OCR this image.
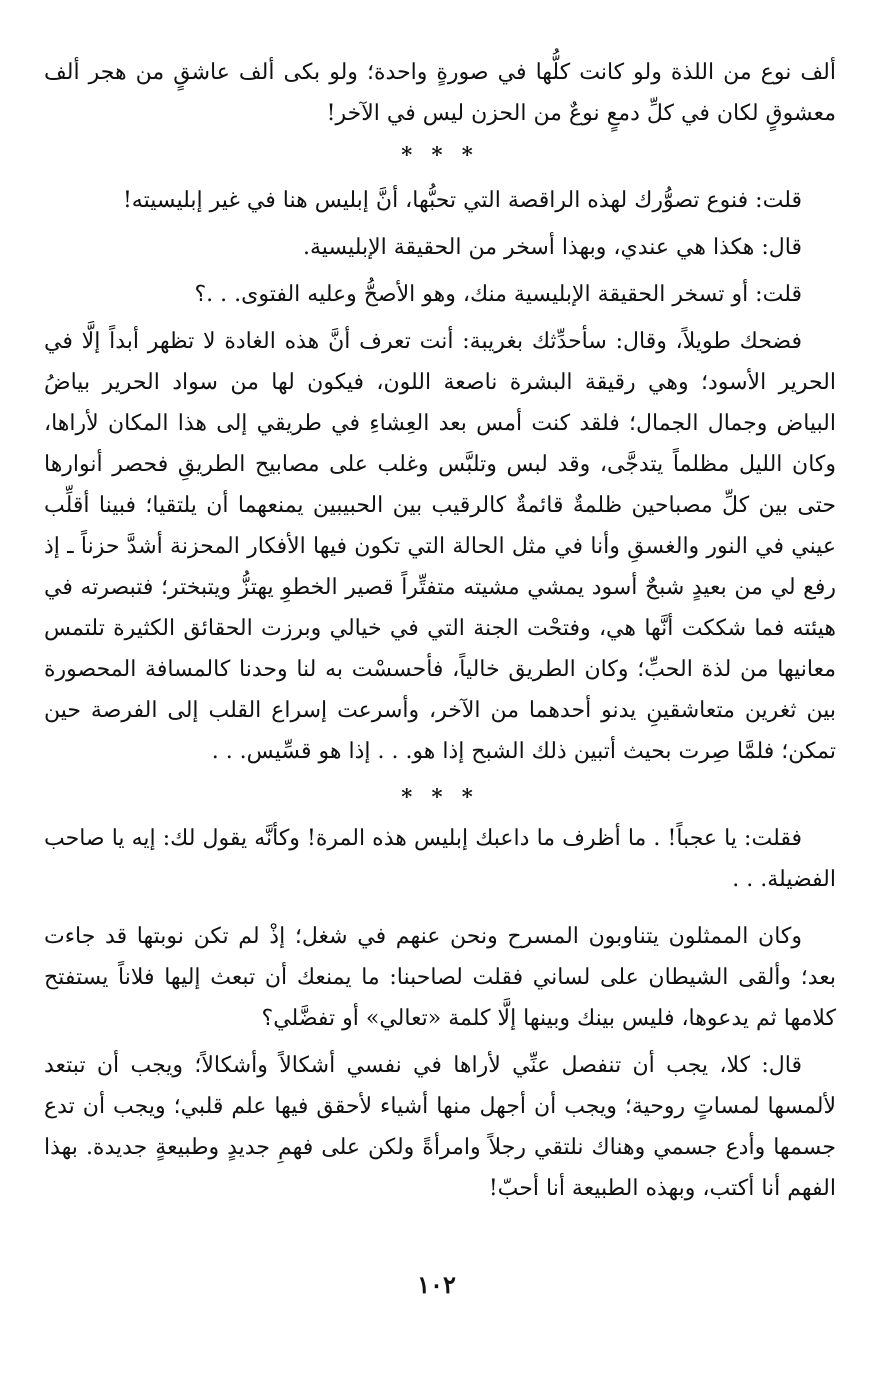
ألف نوع من اللذة ولو كانت كلُّها في صورةٍ واحدة؛ ولو بكى ألف عاشقٍ من هجر ألف معشوقٍ لكان في كلِّ دمعٍ نوعٌ من الحزن ليس في الآخر!

* * *

قلت: فنوع تصوُّرك لهذه الراقصة التي تحبُّها، أنَّ إبليس هنا في غير إبليسيته!

قال: هكذا هي عندي، وبهذا أسخر من الحقيقة الإبليسية.

قلت: أو تسخر الحقيقة الإبليسية منك، وهو الأصحُّ وعليه الفتوى. . .؟

فضحك طويلاً، وقال: سأحدِّثك بغريبة: أنت تعرف أنَّ هذه الغادة لا تظهر أبداً إلَّا في الحرير الأسود؛ وهي رقيقة البشرة ناصعة اللون، فيكون لها من سواد الحرير بياضُ البياض وجمال الجمال؛ فلقد كنت أمس بعد العِشاءِ في طريقي إلى هذا المكان لأراها، وكان الليل مظلماً يتدجَّى، وقد لبس وتلبَّس وغلب على مصابيح الطريقِ فحصر أنوارها حتى بين كلِّ مصباحين ظلمةٌ قائمةٌ كالرقيب بين الحبيبين يمنعهما أن يلتقيا؛ فبينا أقلِّب عيني في النور والغسقِ وأنا في مثل الحالة التي تكون فيها الأفكار المحزنة أشدَّ حزناً ـ إذ رفع لي من بعيدٍ شبحٌ أسود يمشي مشيته متفتِّراً قصير الخطوِ يهتزُّ ويتبختر؛ فتبصرته في هيئته فما شككت أنَّها هي، وفتحْت الجنة التي في خيالي وبرزت الحقائق الكثيرة تلتمس معانيها من لذة الحبِّ؛ وكان الطريق خالياً، فأحسسْت به لنا وحدنا كالمسافة المحصورة بين ثغرين متعاشقينِ يدنو أحدهما من الآخر، وأسرعت إسراع القلب إلى الفرصة حين تمكن؛ فلمَّا صِرت بحيث أتبين ذلك الشبح إذا هو. . . إذا هو قسِّيس. . .

* * *

فقلت: يا عجباً! . ما أظرف ما داعبك إبليس هذه المرة! وكأنَّه يقول لك: إيه يا صاحب الفضيلة. . .

وكان الممثلون يتناوبون المسرح ونحن عنهم في شغل؛ إذْ لم تكن نوبتها قد جاءت بعد؛ وألقى الشيطان على لساني فقلت لصاحبنا: ما يمنعك أن تبعث إليها فلاناً يستفتح كلامها ثم يدعوها، فليس بينك وبينها إلَّا كلمة «تعالي» أو تفضَّلي؟

قال: كلا، يجب أن تنفصل عنِّي لأراها في نفسي أشكالاً وأشكالاً؛ ويجب أن تبتعد لألمسها لمساتٍ روحية؛ ويجب أن أجهل منها أشياء لأحقق فيها علم قلبي؛ ويجب أن تدع جسمها وأدع جسمي وهناك نلتقي رجلاً وامرأةً ولكن على فهمِ جديدٍ وطبيعةٍ جديدة. بهذا الفهم أنا أكتب، وبهذه الطبيعة أنا أحبّ!

١٠٢
